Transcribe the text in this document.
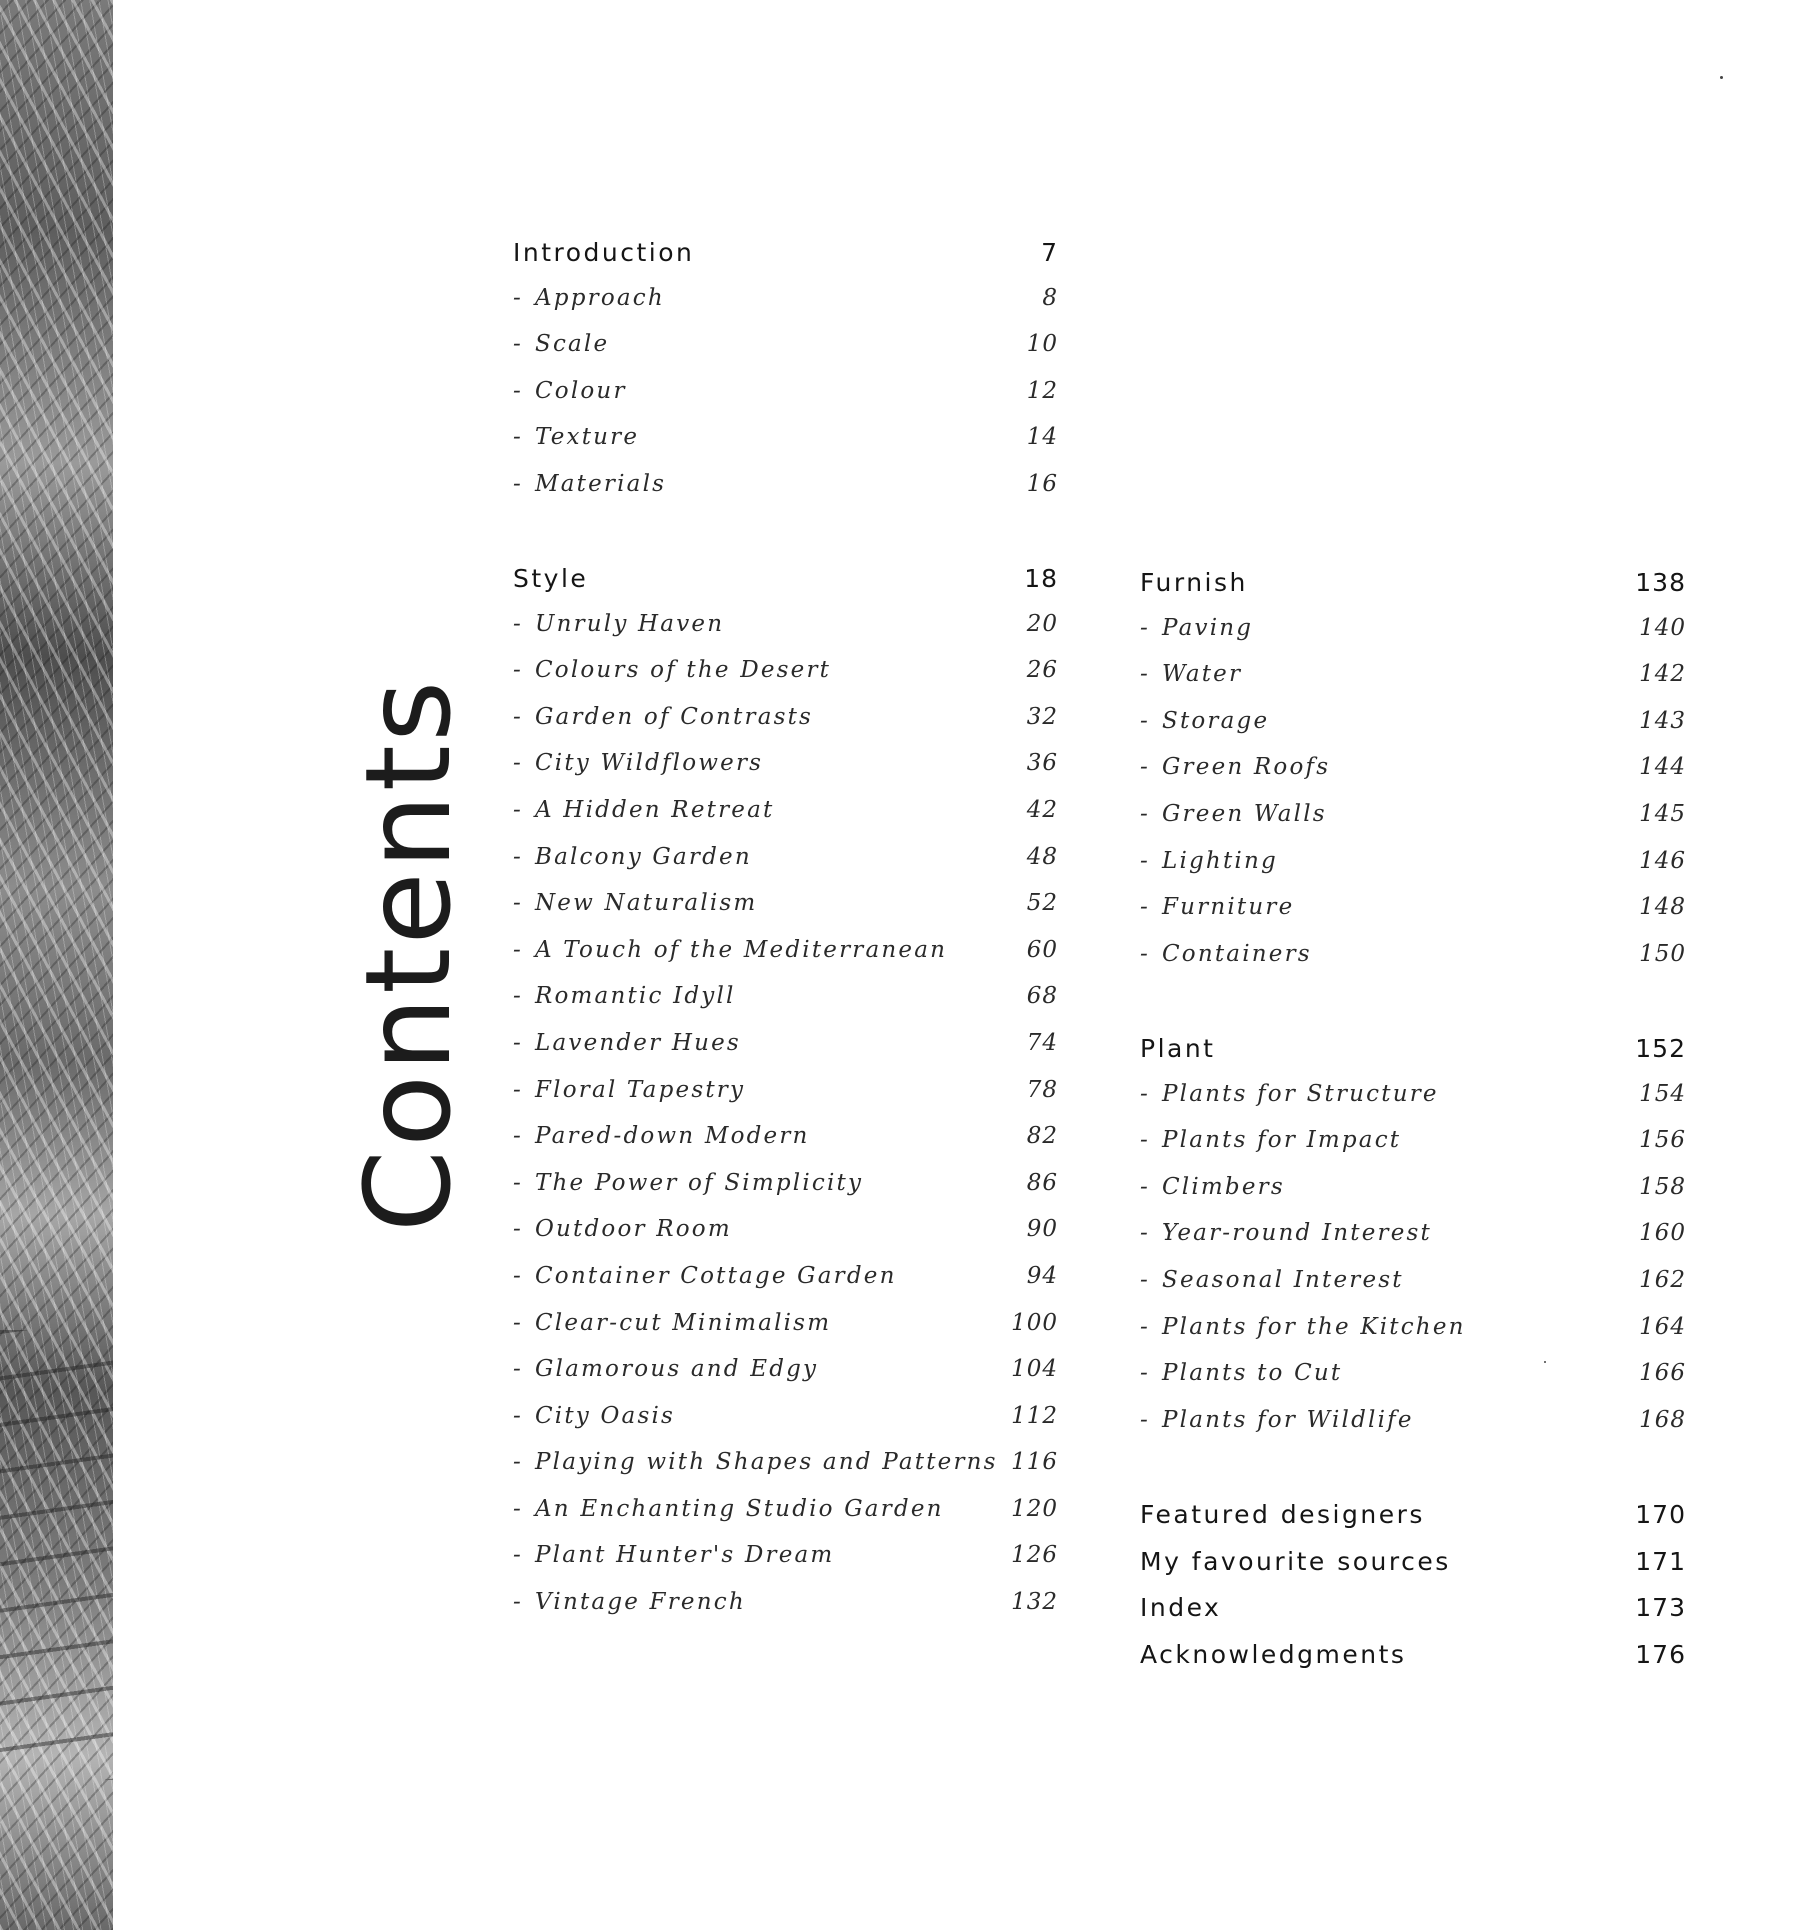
Contents
Introduction	7
- Approach	8
- Scale	10
- Colour	12
- Texture	14
- Materials	16
Style	18
- Unruly Haven	20
- Colours of the Desert	26
- Garden of Contrasts	32
- City Wildflowers	36
- A Hidden Retreat	42
- Balcony Garden	48
- New Naturalism	52
- A Touch of the Mediterranean	60
- Romantic Idyll	68
- Lavender Hues	74
- Floral Tapestry	78
- Pared-down Modern	82
- The Power of Simplicity	86
- Outdoor Room	90
- Container Cottage Garden	94
- Clear-cut Minimalism	100
- Glamorous and Edgy	104
- City Oasis	112
- Playing with Shapes and Patterns 116
- An Enchanting Studio Garden	120
- Plant Hunter's Dream	126
- Vintage French	132
Furnish	138
- Paving	140
- Water	142
- Storage	143
- Green Roofs	144
- Green Walls	145
- Lighting	146
- Furniture	148
- Containers	150
Plant	152
- Plants for Structure	154
- Plants for Impact	156
- Climbers	158
- Year-round Interest	160
- Seasonal Interest	162
- Plants for the Kitchen	164
- Plants to Cut	166
- Plants for Wildlife	168
Featured designers	170
My favourite sources	171
Index	173
Acknowledgments	176
